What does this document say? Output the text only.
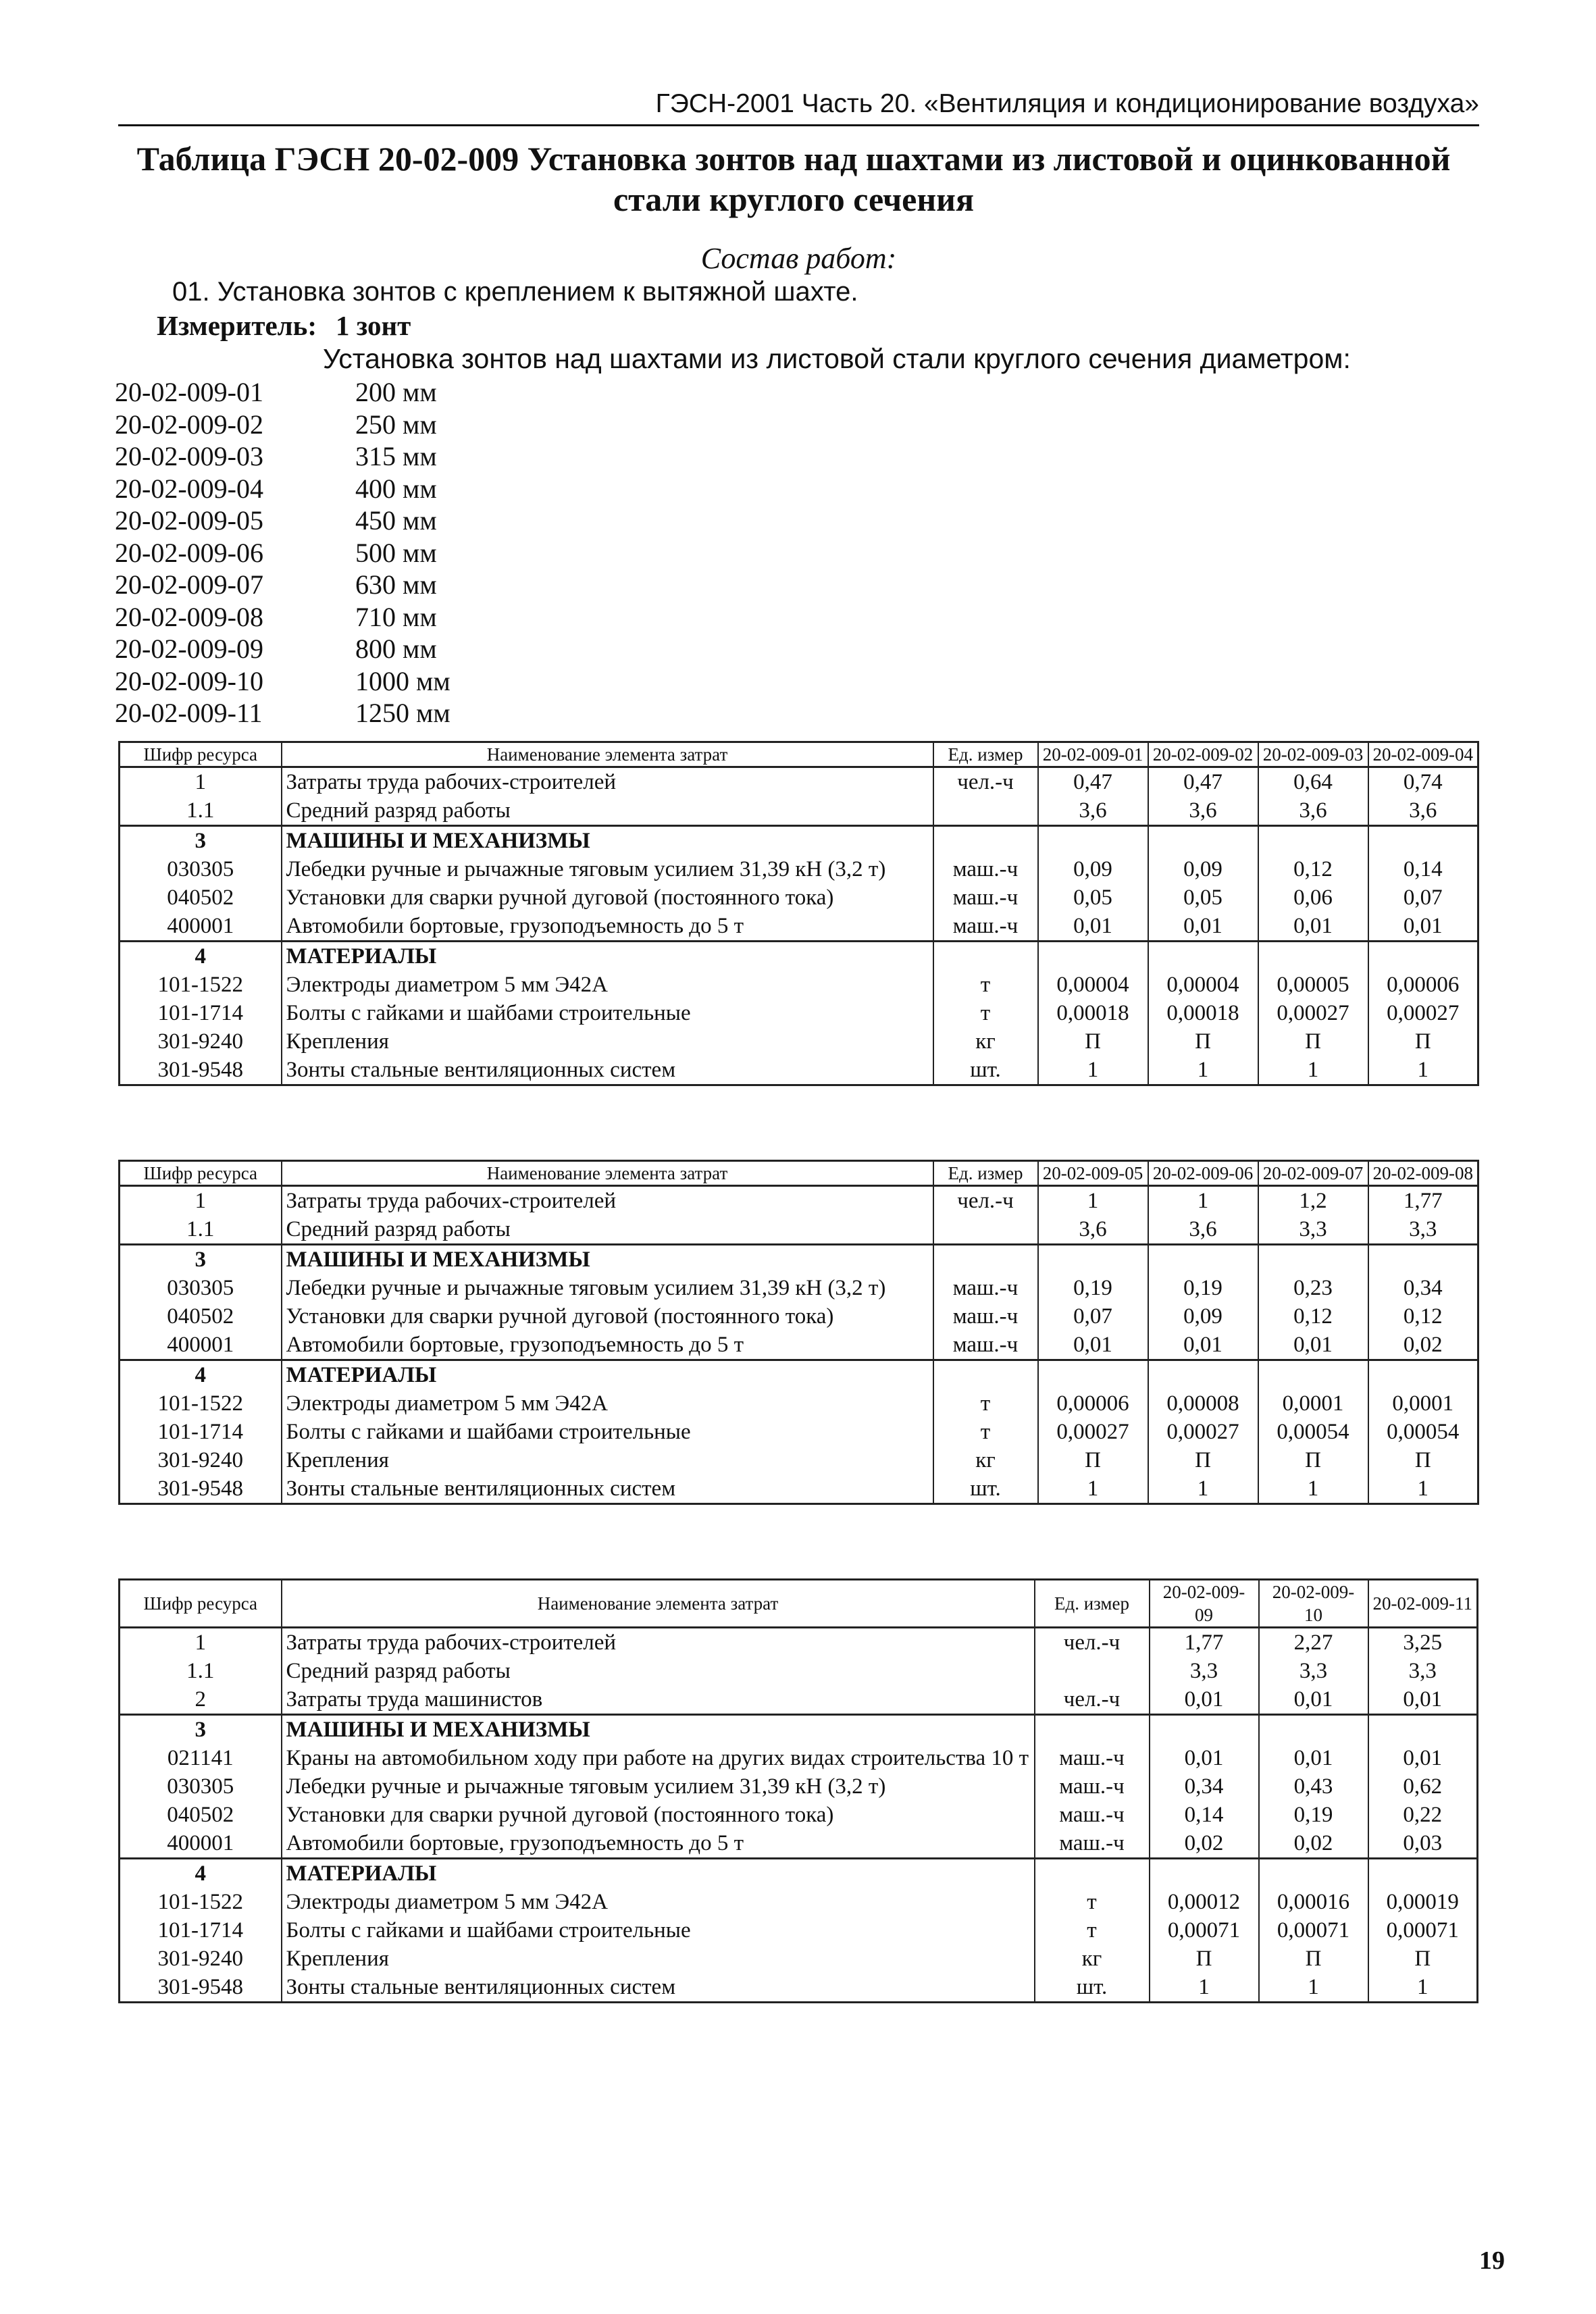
ГЭСН-2001 Часть 20. «Вентиляция и кондиционирование воздуха»
Таблица ГЭСН 20-02-009 Установка зонтов над шахтами из листовой и оцинкованной стали круглого сечения
Состав работ:
01. Установка зонтов с креплением к вытяжной шахте.
Измеритель: 1 зонт
Установка зонтов над шахтами из листовой стали круглого сечения диаметром:
20-02-009-01	200 мм
20-02-009-02	250 мм
20-02-009-03	315 мм
20-02-009-04	400 мм
20-02-009-05	450 мм
20-02-009-06	500 мм
20-02-009-07	630 мм
20-02-009-08	710 мм
20-02-009-09	800 мм
20-02-009-10	1000 мм
20-02-009-11	1250 мм
Шифр ресурса	Наименование элемента затрат	Ед. измер	20-02-009-01	20-02-009-02	20-02-009-03	20-02-009-04
1	Затраты труда рабочих-строителей	чел.-ч	0,47	0,47	0,64	0,74
1.1	Средний разряд работы		3,6	3,6	3,6	3,6
3	МАШИНЫ И МЕХАНИЗМЫ					
030305	Лебедки ручные и рычажные тяговым усилием 31,39 кН (3,2 т)	маш.-ч	0,09	0,09	0,12	0,14
040502	Установки для сварки ручной дуговой (постоянного тока)	маш.-ч	0,05	0,05	0,06	0,07
400001	Автомобили бортовые, грузоподъемность до 5 т	маш.-ч	0,01	0,01	0,01	0,01
4	МАТЕРИАЛЫ					
101-1522	Электроды диаметром 5 мм Э42А	т	0,00004	0,00004	0,00005	0,00006
101-1714	Болты с гайками и шайбами строительные	т	0,00018	0,00018	0,00027	0,00027
301-9240	Крепления	кг	П	П	П	П
301-9548	Зонты стальные вентиляционных систем	шт.	1	1	1	1
Шифр ресурса	Наименование элемента затрат	Ед. измер	20-02-009-05	20-02-009-06	20-02-009-07	20-02-009-08
1	Затраты труда рабочих-строителей	чел.-ч	1	1	1,2	1,77
1.1	Средний разряд работы		3,6	3,6	3,3	3,3
3	МАШИНЫ И МЕХАНИЗМЫ					
030305	Лебедки ручные и рычажные тяговым усилием 31,39 кН (3,2 т)	маш.-ч	0,19	0,19	0,23	0,34
040502	Установки для сварки ручной дуговой (постоянного тока)	маш.-ч	0,07	0,09	0,12	0,12
400001	Автомобили бортовые, грузоподъемность до 5 т	маш.-ч	0,01	0,01	0,01	0,02
4	МАТЕРИАЛЫ					
101-1522	Электроды диаметром 5 мм Э42А	т	0,00006	0,00008	0,0001	0,0001
101-1714	Болты с гайками и шайбами строительные	т	0,00027	0,00027	0,00054	0,00054
301-9240	Крепления	кг	П	П	П	П
301-9548	Зонты стальные вентиляционных систем	шт.	1	1	1	1
Шифр ресурса	Наименование элемента затрат	Ед. измер	20-02-009-09	20-02-009-10	20-02-009-11
1	Затраты труда рабочих-строителей	чел.-ч	1,77	2,27	3,25
1.1	Средний разряд работы		3,3	3,3	3,3
2	Затраты труда машинистов	чел.-ч	0,01	0,01	0,01
3	МАШИНЫ И МЕХАНИЗМЫ				
021141	Краны на автомобильном ходу при работе на других видах строительства 10 т	маш.-ч	0,01	0,01	0,01
030305	Лебедки ручные и рычажные тяговым усилием 31,39 кН (3,2 т)	маш.-ч	0,34	0,43	0,62
040502	Установки для сварки ручной дуговой (постоянного тока)	маш.-ч	0,14	0,19	0,22
400001	Автомобили бортовые, грузоподъемность до 5 т	маш.-ч	0,02	0,02	0,03
4	МАТЕРИАЛЫ				
101-1522	Электроды диаметром 5 мм Э42А	т	0,00012	0,00016	0,00019
101-1714	Болты с гайками и шайбами строительные	т	0,00071	0,00071	0,00071
301-9240	Крепления	кг	П	П	П
301-9548	Зонты стальные вентиляционных систем	шт.	1	1	1
19
